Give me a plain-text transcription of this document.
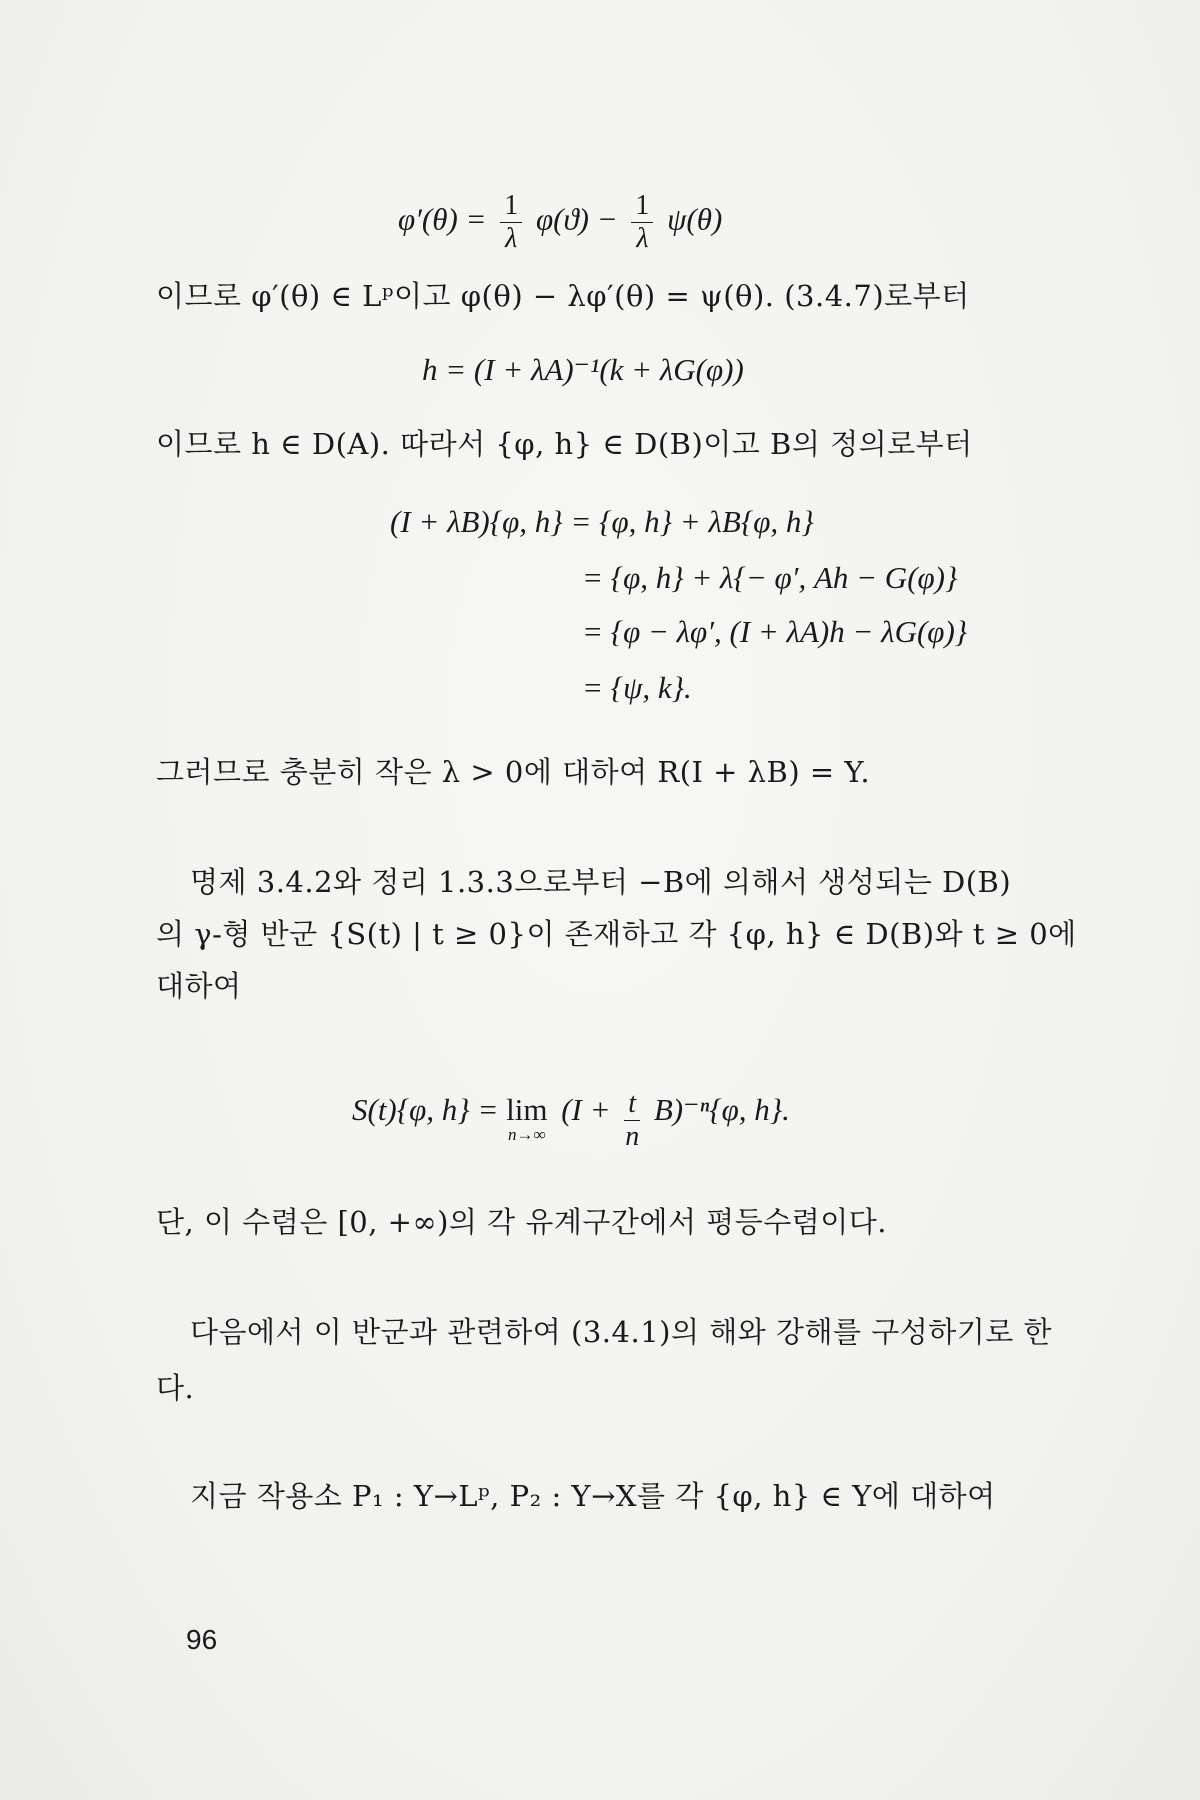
$\varphi'(\theta) = \frac{1}{\lambda} \varphi(ϑ) - \frac{1}{\lambda} \psi(\theta)$
이므로 φ′(θ) ∈ Lᵖ이고 φ(θ) − λφ′(θ) = ψ(θ). (3.4.7)로부터
h = (I + λA)⁻¹(k + λG(φ))
이므로 h ∈ D(A). 따라서 {φ, h} ∈ D(B)이고 B의 정의로부터
(I + λB){φ, h} = {φ, h} + λB{φ, h}
= {φ, h} + λ{− φ′, Ah − G(φ)}
= {φ − λφ′, (I + λA)h − λG(φ)}
= {ψ, k}.
그러므로 충분히 작은 λ > 0에 대하여 R(I + λB) = Y.
명제 3.4.2와 정리 1.3.3으로부터 −B에 의해서 생성되는 D(B)
의 γ-형 반군 {S(t) | t ≥ 0}이 존재하고 각 {φ, h} ∈ D(B)와 t ≥ 0에
대하여
S(t){φ, h} = lim
n→∞
$(I + \frac{t}{n} B)^{-n}\{\varphi$, h}.
단, 이 수렴은 [0, +∞)의 각 유계구간에서 평등수렴이다.
다음에서 이 반군과 관련하여 (3.4.1)의 해와 강해를 구성하기로 한
다.
지금 작용소 P₁ : Y→Lᵖ, P₂ : Y→X를 각 {φ, h} ∈ Y에 대하여
96
